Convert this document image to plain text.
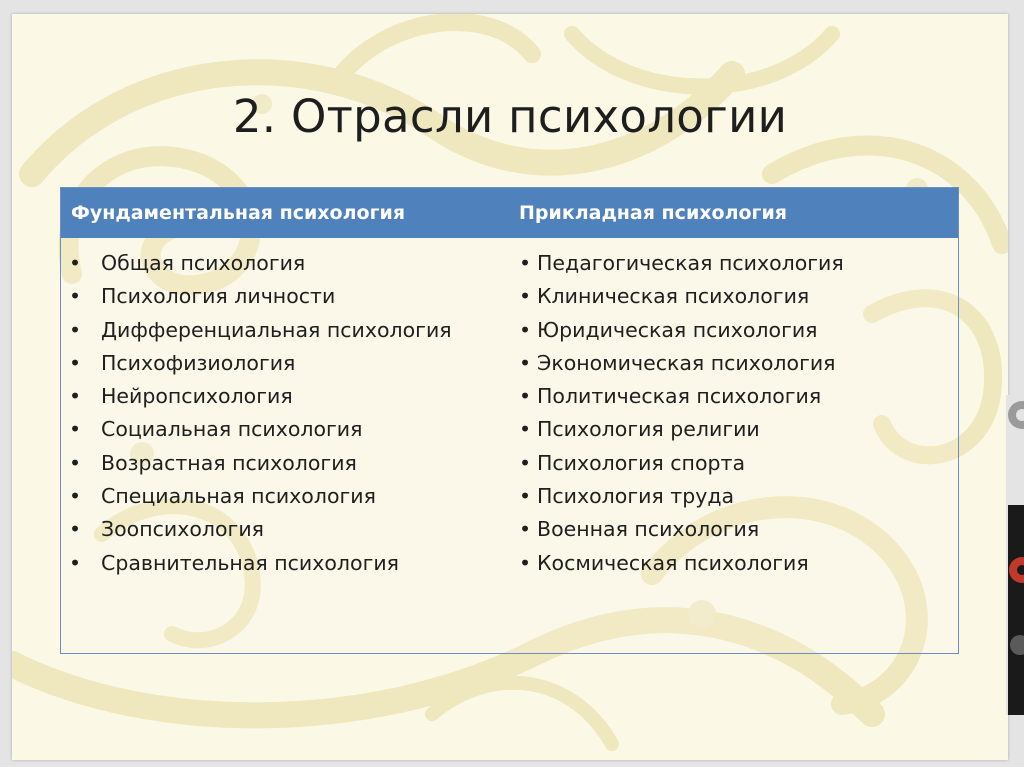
2. Отрасли психологии
Фундаментальная психология	Прикладная психология
• Общая психология
• Психология личности
• Дифференциальная психология
• Психофизиология
• Нейропсихология
• Социальная психология
• Возрастная психология
• Специальная психология
• Зоопсихология
• Сравнительная психология
• Педагогическая психология
• Клиническая психология
• Юридическая психология
• Экономическая психология
• Политическая психология
• Психология религии
• Психология спорта
• Психология труда
• Военная психология
• Космическая психология
